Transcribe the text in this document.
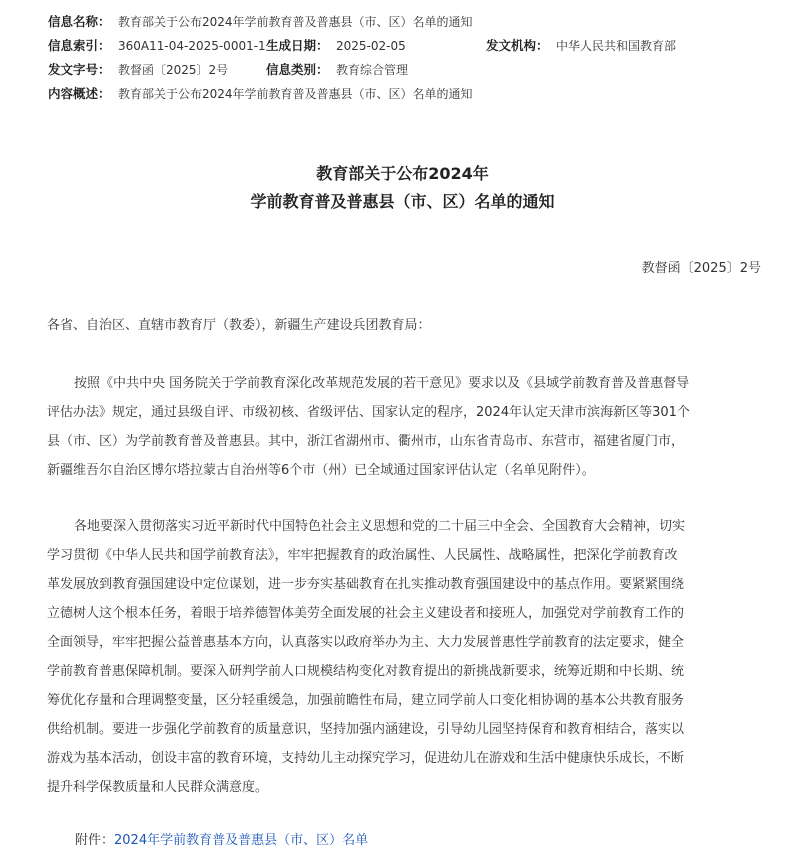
信息名称： 教育部关于公布2024年学前教育普及普惠县（市、区）名单的通知
信息索引： 360A11-04-2025-0001-1 生成日期： 2025-02-05	发文机构： 中华人民共和国教育部
发文字号： 教督函〔2025〕2号	信息类别： 教育综合管理
内容概述： 教育部关于公布2024年学前教育普及普惠县（市、区）名单的通知
教育部关于公布2024年
学前教育普及普惠县（市、区）名单的通知
教督函〔2025〕2号
各省、自治区、直辖市教育厅（教委），新疆生产建设兵团教育局：
按照《中共中央 国务院关于学前教育深化改革规范发展的若干意见》要求以及《县域学前教育普及普惠督导
评估办法》规定，通过县级自评、市级初核、省级评估、国家认定的程序，2024年认定天津市滨海新区等301个
县（市、区）为学前教育普及普惠县。其中，浙江省湖州市、衢州市，山东省青岛市、东营市，福建省厦门市，
新疆维吾尔自治区博尔塔拉蒙古自治州等6个市（州）已全域通过国家评估认定（名单见附件）。
各地要深入贯彻落实习近平新时代中国特色社会主义思想和党的二十届三中全会、全国教育大会精神，切实
学习贯彻《中华人民共和国学前教育法》，牢牢把握教育的政治属性、人民属性、战略属性，把深化学前教育改
革发展放到教育强国建设中定位谋划，进一步夯实基础教育在扎实推动教育强国建设中的基点作用。要紧紧围绕
立德树人这个根本任务，着眼于培养德智体美劳全面发展的社会主义建设者和接班人，加强党对学前教育工作的
全面领导，牢牢把握公益普惠基本方向，认真落实以政府举办为主、大力发展普惠性学前教育的法定要求，健全
学前教育普惠保障机制。要深入研判学前人口规模结构变化对教育提出的新挑战新要求，统筹近期和中长期、统
筹优化存量和合理调整变量，区分轻重缓急，加强前瞻性布局，建立同学前人口变化相协调的基本公共教育服务
供给机制。要进一步强化学前教育的质量意识，坚持加强内涵建设，引导幼儿园坚持保育和教育相结合，落实以
游戏为基本活动，创设丰富的教育环境，支持幼儿主动探究学习，促进幼儿在游戏和生活中健康快乐成长，不断
提升科学保教质量和人民群众满意度。
附件：2024年学前教育普及普惠县（市、区）名单
